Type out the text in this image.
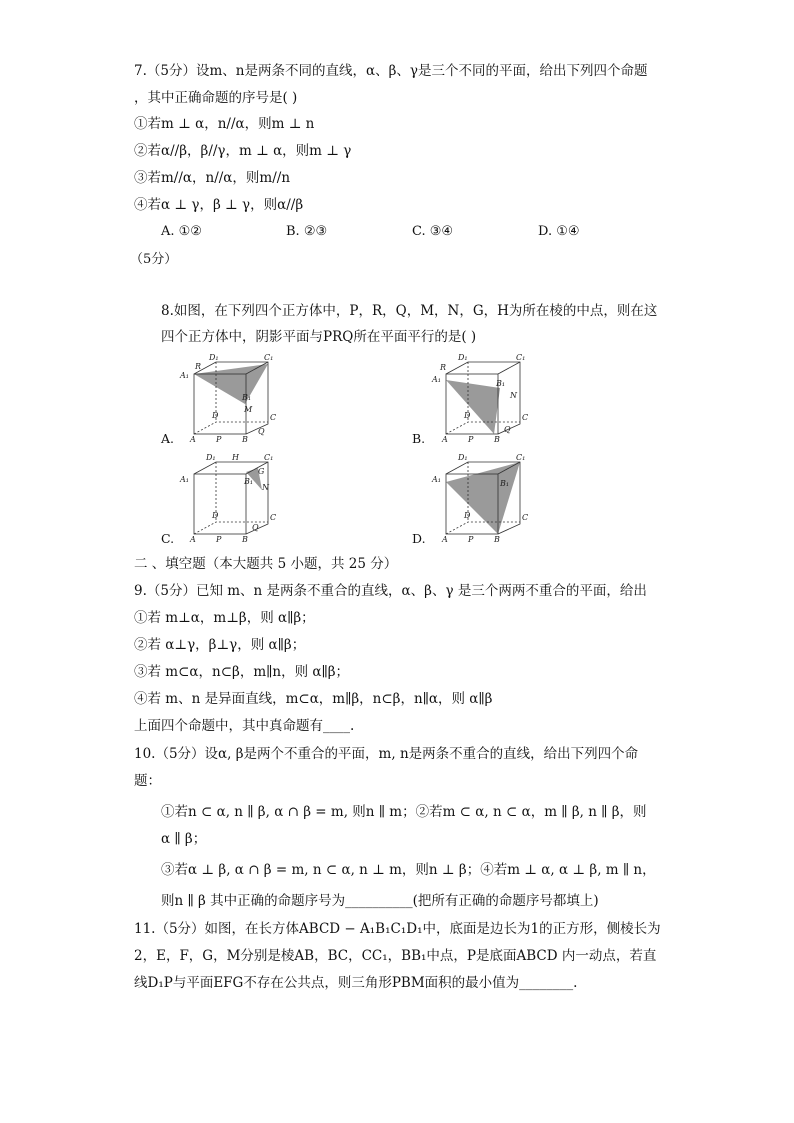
7.（5分）设m、n是两条不同的直线，α、β、γ是三个不同的平面，给出下列四个命题
，其中正确命题的序号是( )
①若m ⊥ α，n//α，则m ⊥ n
②若α//β，β//γ，m ⊥ α，则m ⊥ γ
③若m//α，n//α，则m//n
④若α ⊥ γ，β ⊥ γ，则α//β
A. ①②	B. ②③	C. ③④	D. ①④
（5分）
8.如图，在下列四个正方体中，P，R，Q，M，N，G，H为所在棱的中点，则在这
四个正方体中，阴影平面与PRQ所在平面平行的是( )
D₁	C₁
A₁
R
B₁
M
D	C
A	P	B
Q
A.
D₁	C₁
A₁
R
B₁
N
D	C
A	P	B
Q
B.
D₁ H	C₁
G
A₁	B₁
N
D	C
A	P	B
Q
C.
D₁	C₁
A₁	B₁
D	C
A	P	B
D.
二 、填空题（本大题共 5 小题，共 25 分）
9.（5分）已知 m、n 是两条不重合的直线，α、β、γ 是三个两两不重合的平面，给出
①若 m⊥α，m⊥β，则 α∥β；
②若 α⊥γ，β⊥γ，则 α∥β；
③若 m⊂α，n⊂β，m∥n，则 α∥β；
④若 m、n 是异面直线，m⊂α，m∥β，n⊂β，n∥α，则 α∥β
上面四个命题中，其中真命题有____.
10.（5分）设α, β是两个不重合的平面，m, n是两条不重合的直线，给出下列四个命
题：
①若n ⊂ α, n ∥ β, α ∩ β = m, 则n ∥ m；②若m ⊂ α, n ⊂ α，m ∥ β, n ∥ β，则
α ∥ β；
③若α ⊥ β, α ∩ β = m, n ⊂ α, n ⊥ m，则n ⊥ β；④若m ⊥ α, α ⊥ β, m ∥ n，
则n ∥ β 其中正确的命题序号为__________(把所有正确的命题序号都填上)
11.（5分）如图，在长方体ABCD − A₁B₁C₁D₁中，底面是边长为1的正方形，侧棱长为
2，E，F，G，M分别是棱AB，BC，CC₁，BB₁中点，P是底面ABCD 内一动点，若直
线D₁P与平面EFG不存在公共点，则三角形PBM面积的最小值为________.
